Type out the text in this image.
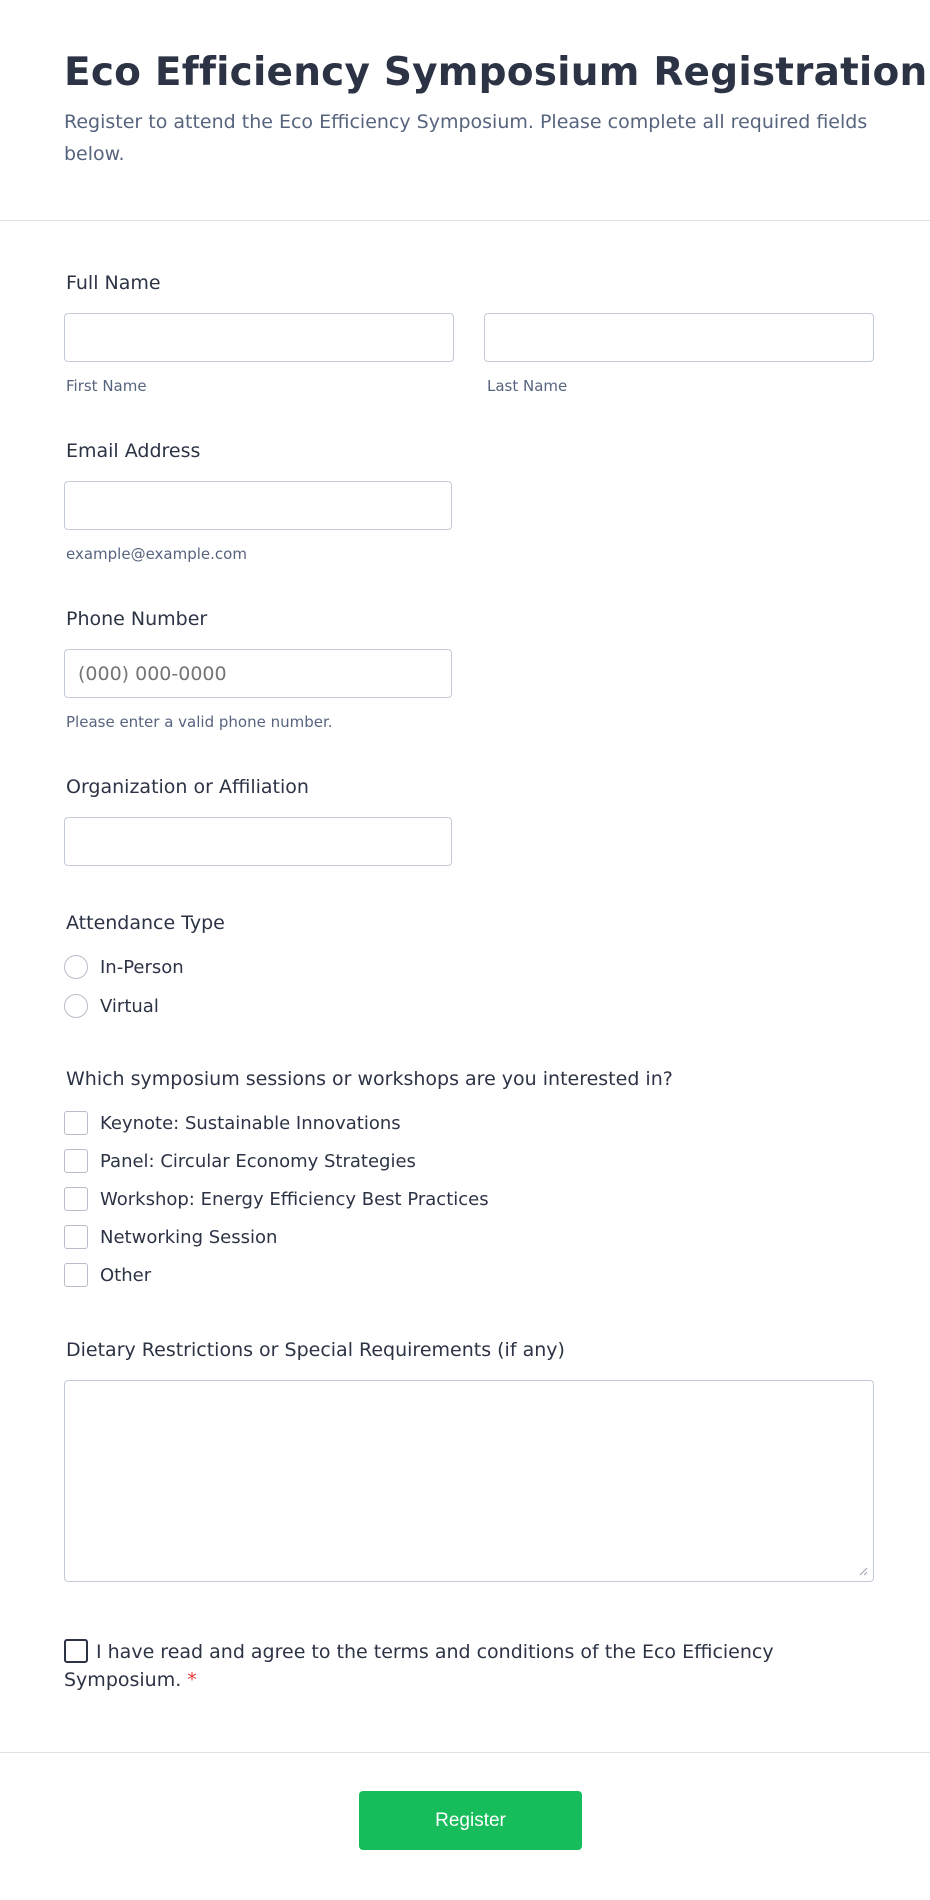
Eco Efficiency Symposium Registration
Register to attend the Eco Efficiency Symposium. Please complete all required fields below.
Full Name
First Name	Last Name
Email Address
example@example.com
Phone Number
(000) 000-0000
Please enter a valid phone number.
Organization or Affiliation
Attendance Type
In-Person
Virtual
Which symposium sessions or workshops are you interested in?
Keynote: Sustainable Innovations
Panel: Circular Economy Strategies
Workshop: Energy Efficiency Best Practices
Networking Session
Other
Dietary Restrictions or Special Requirements (if any)
I have read and agree to the terms and conditions of the Eco Efficiency Symposium. *
Register
